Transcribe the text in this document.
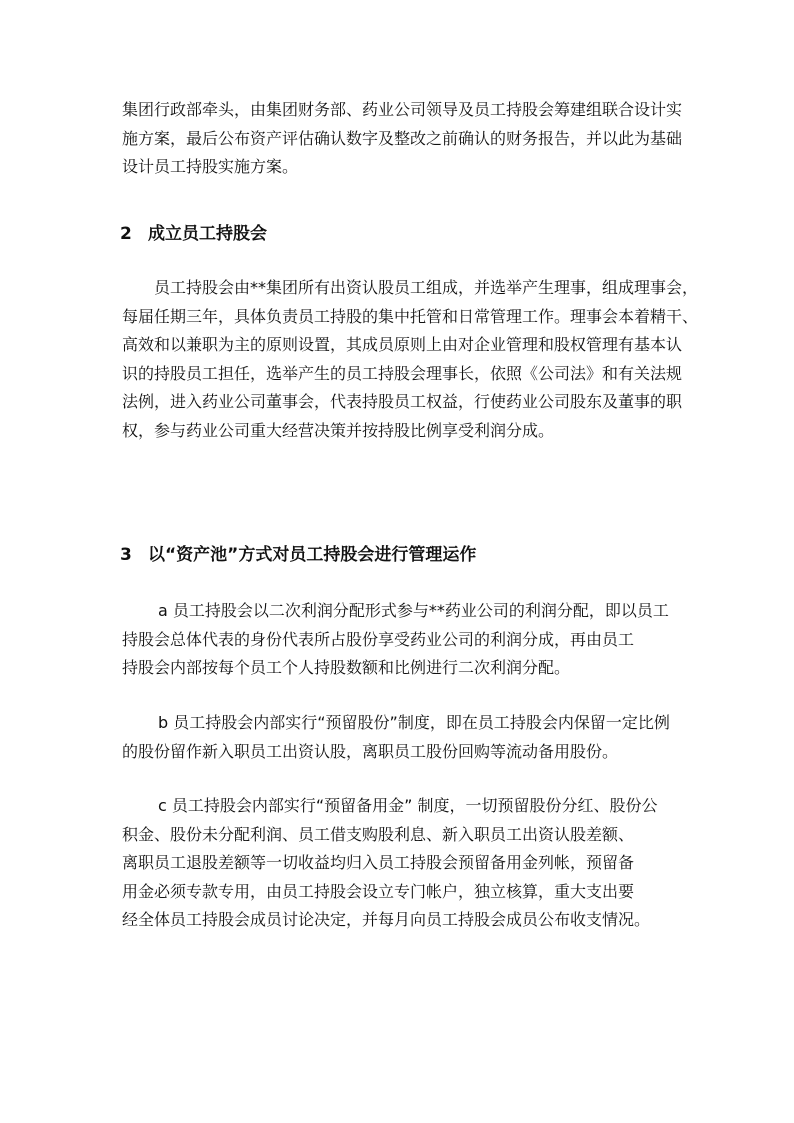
集团行政部牵头，由集团财务部、药业公司领导及员工持股会筹建组联合设计实
施方案，最后公布资产评估确认数字及整改之前确认的财务报告，并以此为基础
设计员工持股实施方案。
2 成立员工持股会
员工持股会由**集团所有出资认股员工组成，并选举产生理事，组成理事会，
每届任期三年，具体负责员工持股的集中托管和日常管理工作。理事会本着精干、
高效和以兼职为主的原则设置，其成员原则上由对企业管理和股权管理有基本认
识的持股员工担任，选举产生的员工持股会理事长，依照《公司法》和有关法规
法例，进入药业公司董事会，代表持股员工权益，行使药业公司股东及董事的职
权，参与药业公司重大经营决策并按持股比例享受利润分成。
3 以“资产池”方式对员工持股会进行管理运作
a 员工持股会以二次利润分配形式参与**药业公司的利润分配，即以员工
持股会总体代表的身份代表所占股份享受药业公司的利润分成，再由员工
持股会内部按每个员工个人持股数额和比例进行二次利润分配。
b 员工持股会内部实行“预留股份”制度，即在员工持股会内保留一定比例
的股份留作新入职员工出资认股，离职员工股份回购等流动备用股份。
c 员工持股会内部实行“预留备用金” 制度，一切预留股份分红、股份公
积金、股份未分配利润、员工借支购股利息、新入职员工出资认股差额、
离职员工退股差额等一切收益均归入员工持股会预留备用金列帐，预留备
用金必须专款专用，由员工持股会设立专门帐户，独立核算，重大支出要
经全体员工持股会成员讨论决定，并每月向员工持股会成员公布收支情况。
